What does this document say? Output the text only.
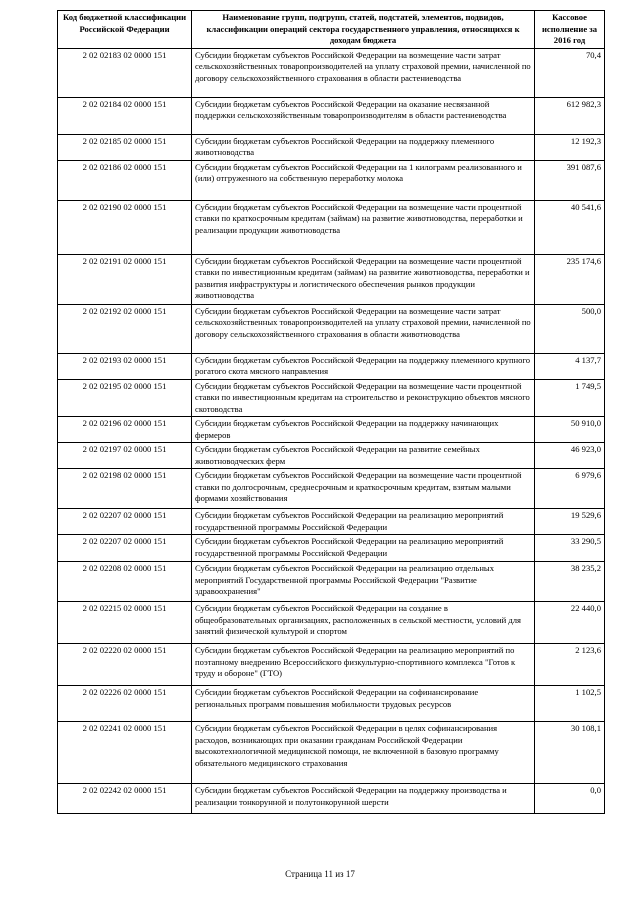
Код бюджетной классификации Российской Федерации	Наименование групп, подгрупп, статей, подстатей, элементов, подвидов, классификации операций сектора государственного управления, относящихся к доходам бюджета	Кассовое исполнение за 2016 год
2 02 02183 02 0000 151	Субсидии бюджетам субъектов Российской Федерации на возмещение части затрат сельскохозяйственных товаропроизводителей на уплату страховой премии, начисленной по договору сельскохозяйственного страхования в области растениеводства	70,4
2 02 02184 02 0000 151	Субсидии бюджетам субъектов Российской Федерации на оказание несвязанной поддержки сельскохозяйственным товаропроизводителям в области растениеводства	612 982,3
2 02 02185 02 0000 151	Субсидии бюджетам субъектов Российской Федерации на поддержку племенного животноводства	12 192,3
2 02 02186 02 0000 151	Субсидии бюджетам субъектов Российской Федерации на 1 килограмм реализованного и (или) отгруженного на собственную переработку молока	391 087,6
2 02 02190 02 0000 151	Субсидии бюджетам субъектов Российской Федерации на возмещение части процентной ставки по краткосрочным кредитам (займам) на развитие животноводства, переработки и реализации продукции животноводства	40 541,6
2 02 02191 02 0000 151	Субсидии бюджетам субъектов Российской Федерации на возмещение части процентной ставки по инвестиционным кредитам (займам) на развитие животноводства, переработки и развития инфраструктуры и логистического обеспечения рынков продукции животноводства	235 174,6
2 02 02192 02 0000 151	Субсидии бюджетам субъектов Российской Федерации на возмещение части затрат сельскохозяйственных товаропроизводителей на уплату страховой премии, начисленной по договору сельскохозяйственного страхования в области животноводства	500,0
2 02 02193 02 0000 151	Субсидии бюджетам субъектов Российской Федерации на поддержку племенного крупного рогатого скота мясного направления	4 137,7
2 02 02195 02 0000 151	Субсидии бюджетам субъектов Российской Федерации на возмещение части процентной ставки по инвестиционным кредитам на строительство и реконструкцию объектов мясного скотоводства	1 749,5
2 02 02196 02 0000 151	Субсидии бюджетам субъектов Российской Федерации на поддержку начинающих фермеров	50 910,0
2 02 02197 02 0000 151	Субсидии бюджетам субъектов Российской Федерации на развитие семейных животноводческих ферм	46 923,0
2 02 02198 02 0000 151	Субсидии бюджетам субъектов Российской Федерации на возмещение части процентной ставки по долгосрочным, среднесрочным и краткосрочным кредитам, взятым малыми формами хозяйствования	6 979,6
2 02 02207 02 0000 151	Субсидии бюджетам субъектов Российской Федерации на реализацию мероприятий государственной программы Российской Федерации	19 529,6
2 02 02207 02 0000 151	Субсидии бюджетам субъектов Российской Федерации на реализацию мероприятий государственной программы Российской Федерации	33 290,5
2 02 02208 02 0000 151	Субсидии бюджетам субъектов Российской Федерации на реализацию отдельных мероприятий Государственной программы Российской Федерации "Развитие здравоохранения"	38 235,2
2 02 02215 02 0000 151	Субсидии бюджетам субъектов Российской Федерации на создание в общеобразовательных организациях, расположенных в сельской местности, условий для занятий физической культурой и спортом	22 440,0
2 02 02220 02 0000 151	Субсидии бюджетам субъектов Российской Федерации на реализацию мероприятий по поэтапному внедрению Всероссийского физкультурно-спортивного комплекса "Готов к труду и обороне" (ГТО)	2 123,6
2 02 02226 02 0000 151	Субсидии бюджетам субъектов Российской Федерации на софинансирование региональных программ повышения мобильности трудовых ресурсов	1 102,5
2 02 02241 02 0000 151	Субсидии бюджетам субъектов Российской Федерации в целях софинансирования расходов, возникающих при оказании гражданам Российской Федерации высокотехнологичной медицинской помощи, не включенной в базовую программу обязательного медицинского страхования	30 108,1
2 02 02242 02 0000 151	Субсидии бюджетам субъектов Российской Федерации на поддержку производства и реализации тонкорунной и полутонкорунной шерсти	0,0
Страница 11 из 17
